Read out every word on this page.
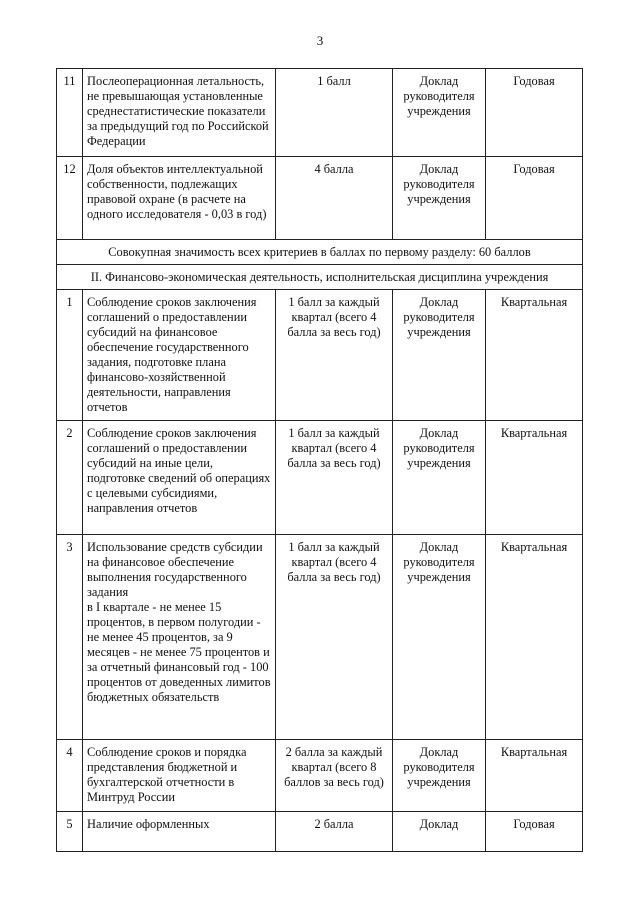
3
11	Послеоперационная летальность, не превышающая установленные среднестатистические показатели за предыдущий год по Российской Федерации	1 балл	Доклад руководителя учреждения	Годовая
12	Доля объектов интеллектуальной собственности, подлежащих правовой охране (в расчете на одного исследователя - 0,03 в год)	4 балла	Доклад руководителя учреждения	Годовая
Совокупная значимость всех критериев в баллах по первому разделу: 60 баллов				
II. Финансово-экономическая деятельность, исполнительская дисциплина учреждения				
1	Соблюдение сроков заключения соглашений о предоставлении субсидий на финансовое обеспечение государственного задания, подготовке плана финансово-хозяйственной деятельности, направления отчетов	1 балл за каждый квартал (всего 4 балла за весь год)	Доклад руководителя учреждения	Квартальная
2	Соблюдение сроков заключения соглашений о предоставлении субсидий на иные цели, подготовке сведений об операциях с целевыми субсидиями, направления отчетов	1 балл за каждый квартал (всего 4 балла за весь год)	Доклад руководителя учреждения	Квартальная
3	Использование средств субсидии на финансовое обеспечение выполнения государственного задания
в I квартале - не менее 15 процентов, в первом полугодии - не менее 45 процентов, за 9 месяцев - не менее 75 процентов и за отчетный финансовый год - 100 процентов от доведенных лимитов бюджетных обязательств	1 балл за каждый квартал (всего 4 балла за весь год)	Доклад руководителя учреждения	Квартальная
4	Соблюдение сроков и порядка представления бюджетной и бухгалтерской отчетности в Минтруд России	2 балла за каждый квартал (всего 8 баллов за весь год)	Доклад руководителя учреждения	Квартальная
5	Наличие оформленных	2 балла	Доклад	Годовая
